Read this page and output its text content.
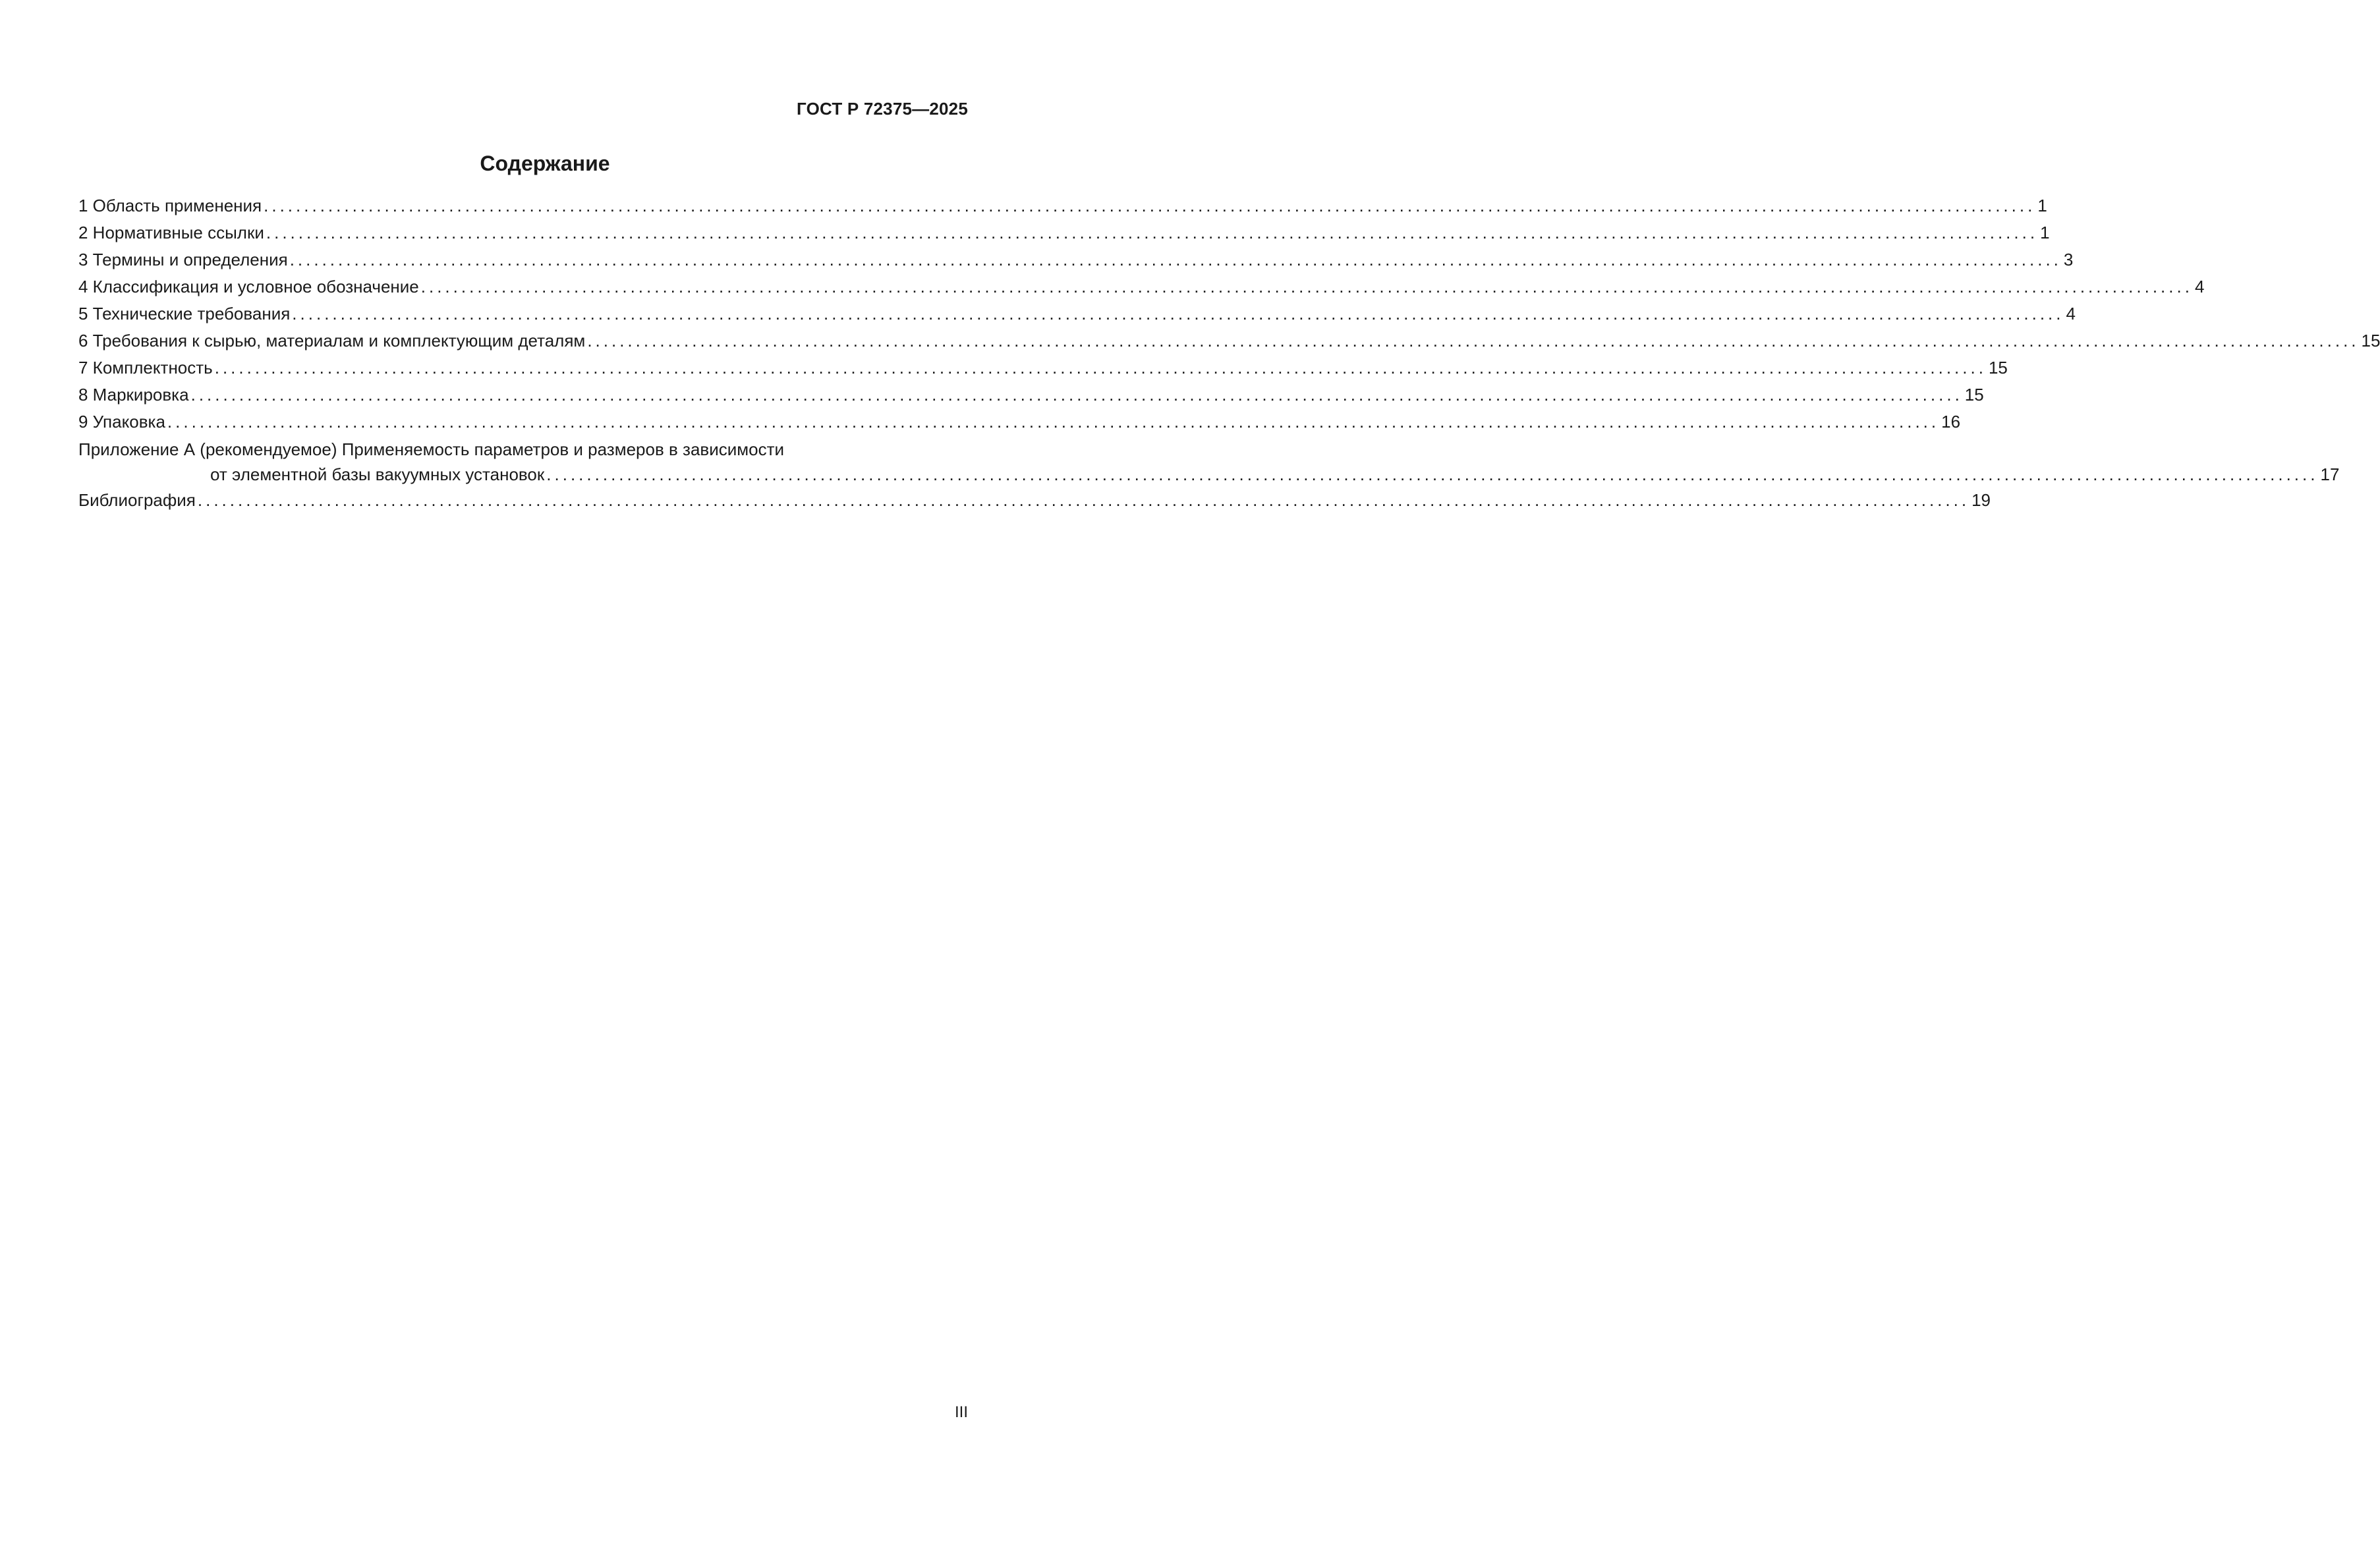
ГОСТ Р 72375—2025
Содержание
1 Область применения ............................................................................................................................................................................................................................ 1
2 Нормативные ссылки ............................................................................................................................................................................................................................ 1
3 Термины и определения ............................................................................................................................................................................................................................ 3
4 Классификация и условное обозначение ............................................................................................................................................................................................................................ 4
5 Технические требования ............................................................................................................................................................................................................................ 4
6 Требования к сырью, материалам и комплектующим деталям ............................................................................................................................................................................................................................ 15
7 Комплектность ............................................................................................................................................................................................................................ 15
8 Маркировка ............................................................................................................................................................................................................................ 15
9 Упаковка ............................................................................................................................................................................................................................ 16
Приложение А (рекомендуемое) Применяемость параметров и размеров в зависимости
от элементной базы вакуумных установок ............................................................................................................................................................................................................................ 17
Библиография ............................................................................................................................................................................................................................ 19
III
